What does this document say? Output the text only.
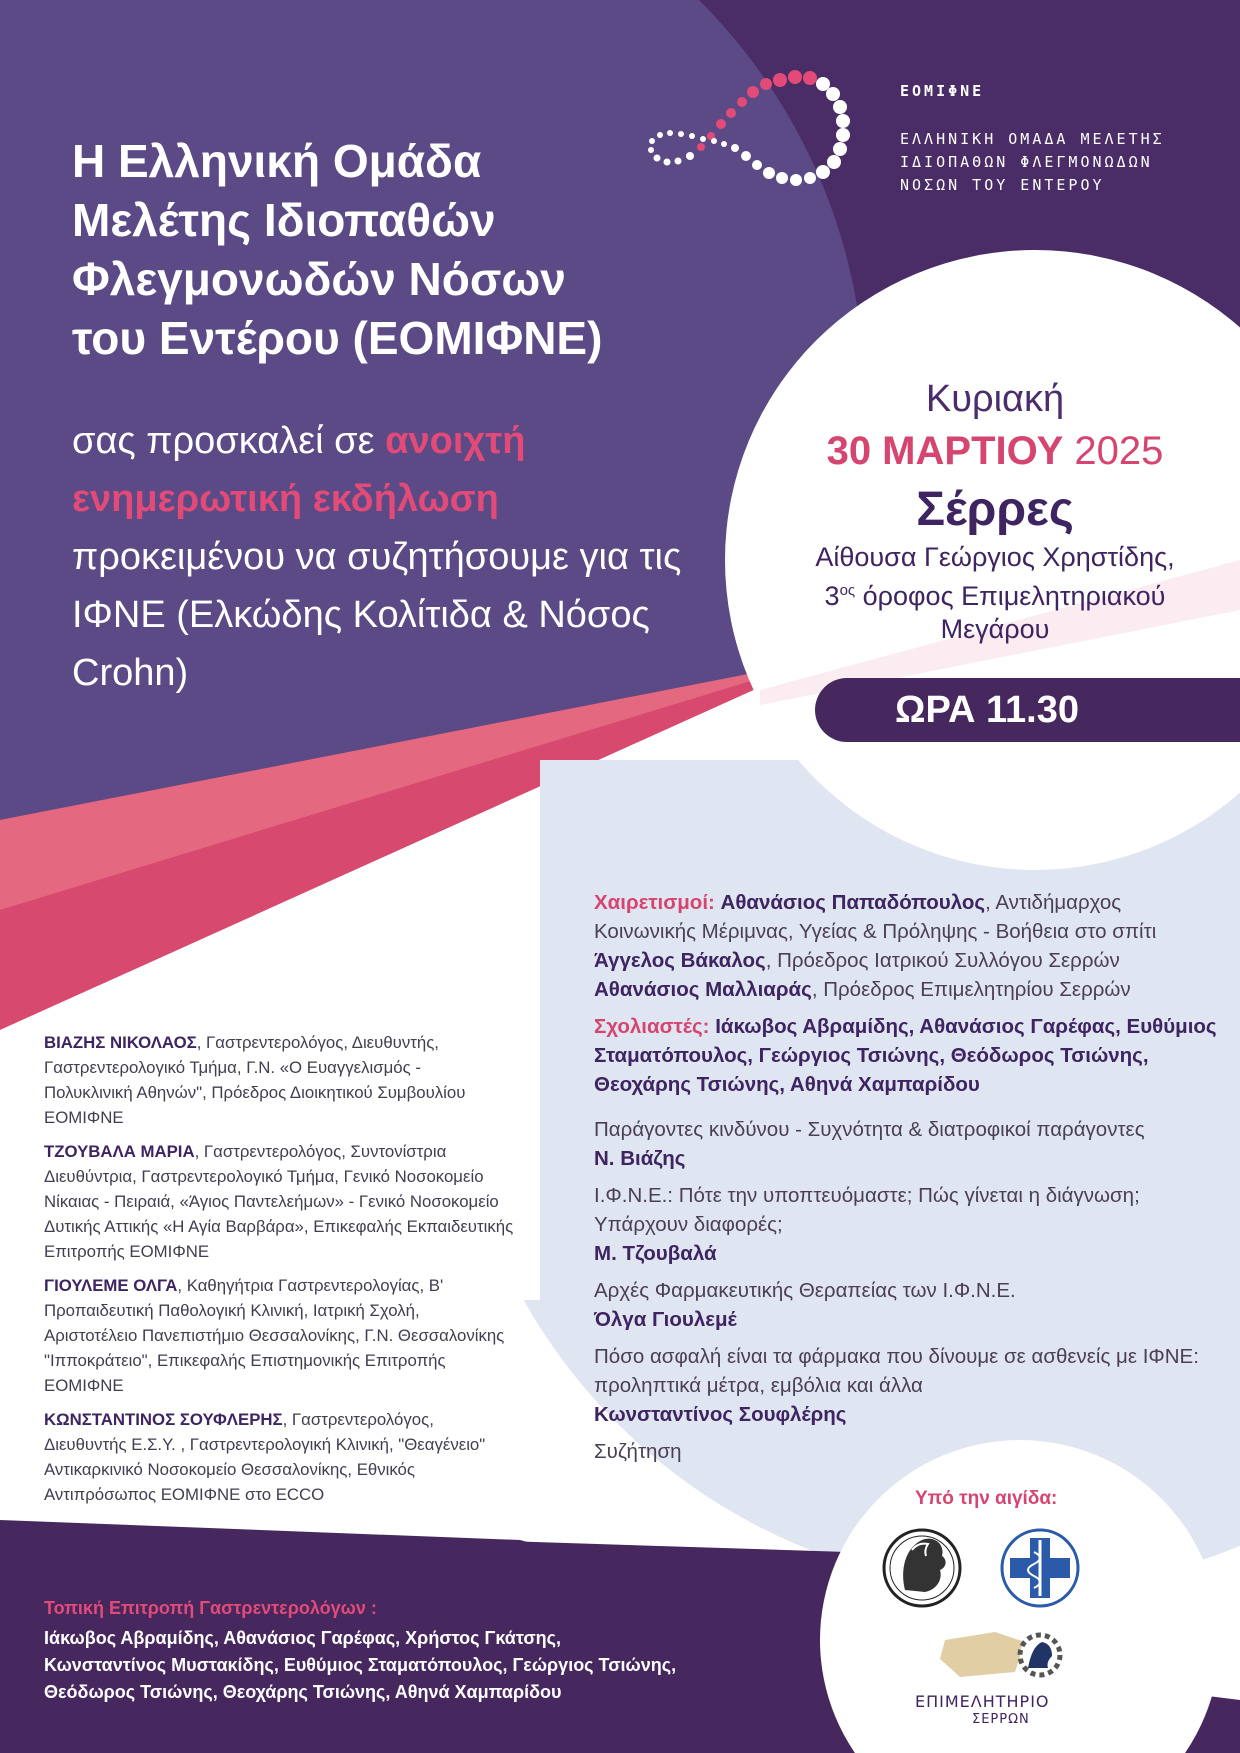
ΕΟΜΙΦΝΕ
ΕΛΛΗΝΙΚΗ ΟΜΑΔΑ ΜΕΛΕΤΗΣ
ΙΔΙΟΠΑΘΩΝ ΦΛΕΓΜΟΝΩΔΩΝ
ΝΟΣΩΝ ΤΟΥ ΕΝΤΕΡΟΥ
Η Ελληνική Ομάδα
Μελέτης Ιδιοπαθών
Φλεγμονωδών Νόσων
του Εντέρου (ΕΟΜΙΦΝΕ)
σας προσκαλεί σε ανοιχτή ενημερωτική εκδήλωση προκειμένου να συζητήσουμε για τις ΙΦΝΕ (Ελκώδης Κολίτιδα & Νόσος Crohn)
Κυριακή
30 ΜΑΡΤΙΟΥ 2025
Σέρρες
Αίθουσα Γεώργιος Χρηστίδης,
$3^{o\varsigma}$ όροφος Επιμελητηριακού
Μεγάρου
ΩΡΑ 11.30
Χαιρετισμοί: Αθανάσιος Παπαδόπουλος, Αντιδήμαρχος Κοινωνικής Μέριμνας, Υγείας & Πρόληψης - Βοήθεια στο σπίτι
Άγγελος Βάκαλος, Πρόεδρος Ιατρικού Συλλόγου Σερρών
Αθανάσιος Μαλλιαράς, Πρόεδρος Επιμελητηρίου Σερρών
Σχολιαστές: Ιάκωβος Αβραμίδης, Αθανάσιος Γαρέφας, Ευθύμιος Σταματόπουλος, Γεώργιος Τσιώνης, Θεόδωρος Τσιώνης, Θεοχάρης Τσιώνης, Αθηνά Χαμπαρίδου
Παράγοντες κινδύνου - Συχνότητα & διατροφικοί παράγοντες
Ν. Βιάζης
Ι.Φ.Ν.Ε.: Πότε την υποπτευόμαστε; Πώς γίνεται η διάγνωση; Υπάρχουν διαφορές;
Μ. Τζουβαλά
Αρχές Φαρμακευτικής Θεραπείας των Ι.Φ.Ν.Ε.
Όλγα Γιουλεμέ
Πόσο ασφαλή είναι τα φάρμακα που δίνουμε σε ασθενείς με ΙΦΝΕ: προληπτικά μέτρα, εμβόλια και άλλα
Κωνσταντίνος Σουφλέρης
Συζήτηση

ΒΙΑΖΗΣ ΝΙΚΟΛΑΟΣ, Γαστρεντερολόγος, Διευθυντής, Γαστρεντερολογικό Τμήμα, Γ.Ν. «Ο Ευαγγελισμός - Πολυκλινική Αθηνών", Πρόεδρος Διοικητικού Συμβουλίου ΕΟΜΙΦΝΕ

ΤΖΟΥΒΑΛΑ ΜΑΡΙΑ, Γαστρεντερολόγος, Συντονίστρια Διευθύντρια, Γαστρεντερολογικό Τμήμα, Γενικό Νοσοκομείο Νίκαιας - Πειραιά, «Άγιος Παντελεήμων» - Γενικό Νοσοκομείο Δυτικής Αττικής «Η Αγία Βαρβάρα», Επικεφαλής Εκπαιδευτικής Επιτροπής ΕΟΜΙΦΝΕ

ΓΙΟΥΛΕΜΕ ΟΛΓΑ, Καθηγήτρια Γαστρεντερολογίας, Β' Προπαιδευτική Παθολογική Κλινική, Ιατρική Σχολή, Αριστοτέλειο Πανεπιστήμιο Θεσσαλονίκης, Γ.Ν. Θεσσαλονίκης "Ιπποκράτειο", Επικεφαλής Επιστημονικής Επιτροπής ΕΟΜΙΦΝΕ

ΚΩΝΣΤΑΝΤΙΝΟΣ ΣΟΥΦΛΕΡΗΣ, Γαστρεντερολόγος, Διευθυντής Ε.Σ.Υ. , Γαστρεντερολογική Κλινική, "Θεαγένειο" Αντικαρκινικό Νοσοκομείο Θεσσαλονίκης, Εθνικός Αντιπρόσωπος ΕΟΜΙΦΝΕ στο ECCO

Τοπική Επιτροπή Γαστρεντερολόγων :
Ιάκωβος Αβραμίδης, Αθανάσιος Γαρέφας, Χρήστος Γκάτσης,
Κωνσταντίνος Μυστακίδης, Ευθύμιος Σταματόπουλος, Γεώργιος Τσιώνης,
Θεόδωρος Τσιώνης, Θεοχάρης Τσιώνης, Αθηνά Χαμπαρίδου
Υπό την αιγίδα:
ΕΠΙΜΕΛΗΤΗΡΙΟ
ΣΕΡΡΩΝ
